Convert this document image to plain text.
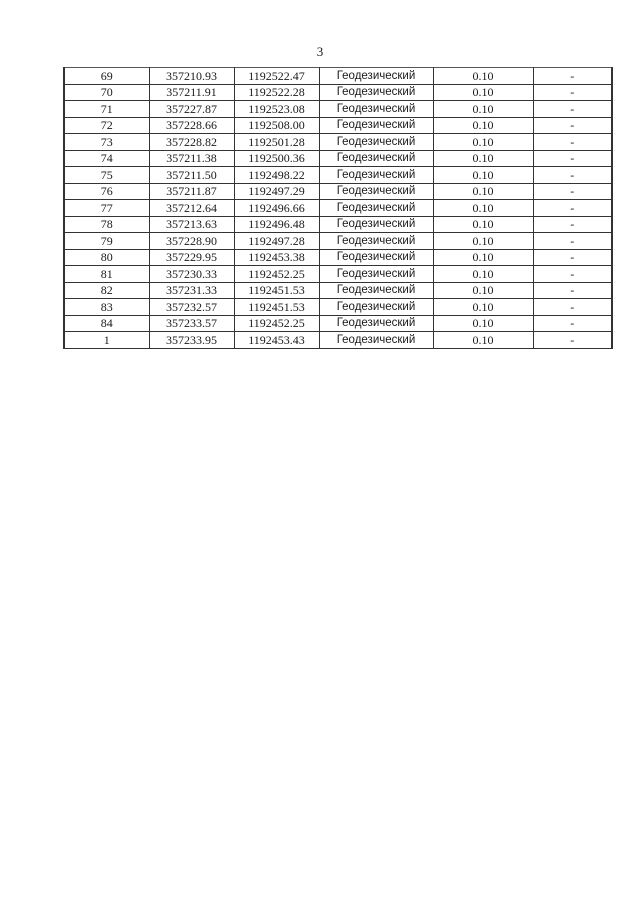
3
69	357210.93	1192522.47	Геодезический	0.10	-
70	357211.91	1192522.28	Геодезический	0.10	-
71	357227.87	1192523.08	Геодезический	0.10	-
72	357228.66	1192508.00	Геодезический	0.10	-
73	357228.82	1192501.28	Геодезический	0.10	-
74	357211.38	1192500.36	Геодезический	0.10	-
75	357211.50	1192498.22	Геодезический	0.10	-
76	357211.87	1192497.29	Геодезический	0.10	-
77	357212.64	1192496.66	Геодезический	0.10	-
78	357213.63	1192496.48	Геодезический	0.10	-
79	357228.90	1192497.28	Геодезический	0.10	-
80	357229.95	1192453.38	Геодезический	0.10	-
81	357230.33	1192452.25	Геодезический	0.10	-
82	357231.33	1192451.53	Геодезический	0.10	-
83	357232.57	1192451.53	Геодезический	0.10	-
84	357233.57	1192452.25	Геодезический	0.10	-
1	357233.95	1192453.43	Геодезический	0.10	-
